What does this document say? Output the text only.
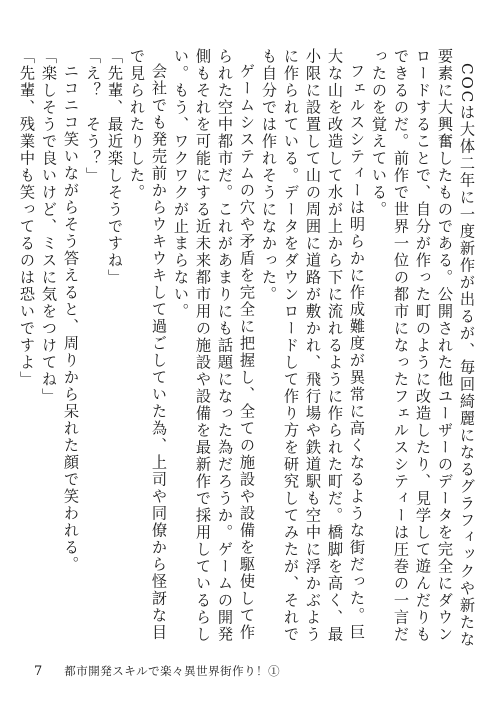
COCは大体二年に一度新作が出るが、毎回綺麗になるグラフィックや新たな要素に大興奮したものである。公開された他ユーザーのデータを完全にダウンロードすることで、自分が作った町のように改造したり、見学して遊んだりもできるのだ。前作で世界一位の都市になったフェルスシティーは圧巻の一言だったのを覚えている。

フェルスシティーは明らかに作成難度が異常に高くなるような街だった。巨大な山を改造して水が上から下に流れるように作られた町だ。橋脚を高く、最小限に設置して山の周囲に道路が敷かれ、飛行場や鉄道駅も空中に浮かぶように作られている。データをダウンロードして作り方を研究してみたが、それでも自分では作れそうになかった。

ゲームシステムの穴や矛盾を完全に把握し、全ての施設や設備を駆使して作られた空中都市だ。これがあまりにも話題になった為だろうか。ゲームの開発側もそれを可能にする近未来都市用の施設や設備を最新作で採用しているらしい。もう、ワクワクが止まらない。

会社でも発売前からウキウキして過ごしていた為、上司や同僚から怪訝な目で見られたりした。

「先輩、最近楽しそうですね」

「え？　そう？」

ニコニコ笑いながらそう答えると、周りから呆れた顔で笑われる。

「楽しそうで良いけど、ミスに気をつけてね」

「先輩、残業中も笑ってるのは恐いですよ」

7 都市開発スキルで楽々異世界街作り！①
